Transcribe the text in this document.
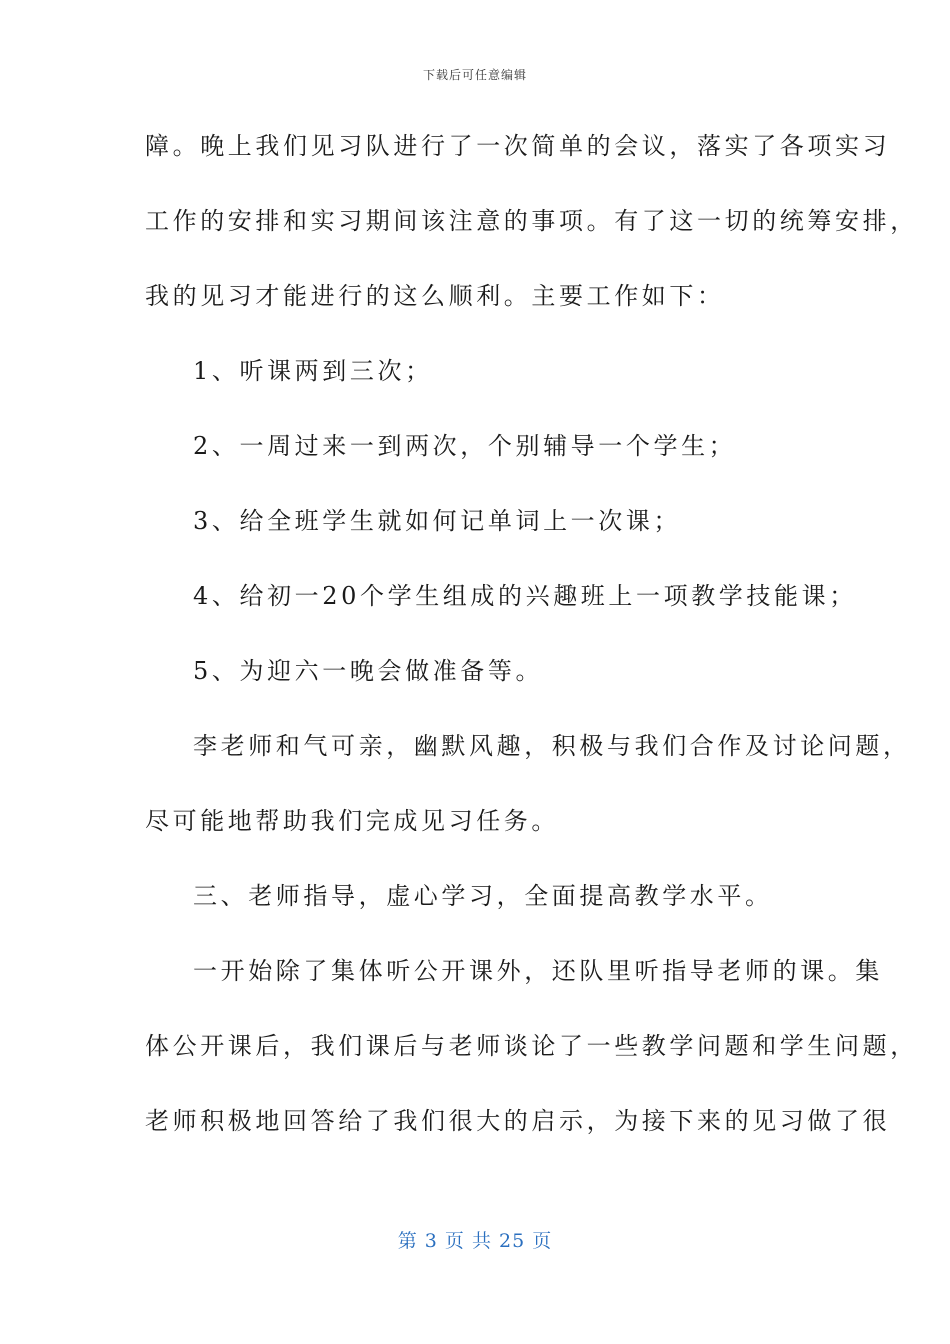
下载后可任意编辑
障。晚上我们见习队进行了一次简单的会议，落实了各项实习
工作的安排和实习期间该注意的事项。有了这一切的统筹安排，
我的见习才能进行的这么顺利。主要工作如下：
1、听课两到三次；
2、一周过来一到两次，个别辅导一个学生；
3、给全班学生就如何记单词上一次课；
4、给初一20个学生组成的兴趣班上一项教学技能课；
5、为迎六一晚会做准备等。
李老师和气可亲，幽默风趣，积极与我们合作及讨论问题，
尽可能地帮助我们完成见习任务。
三、老师指导，虚心学习，全面提高教学水平。
一开始除了集体听公开课外，还队里听指导老师的课。集
体公开课后，我们课后与老师谈论了一些教学问题和学生问题，
老师积极地回答给了我们很大的启示，为接下来的见习做了很
第 3 页 共 25 页
